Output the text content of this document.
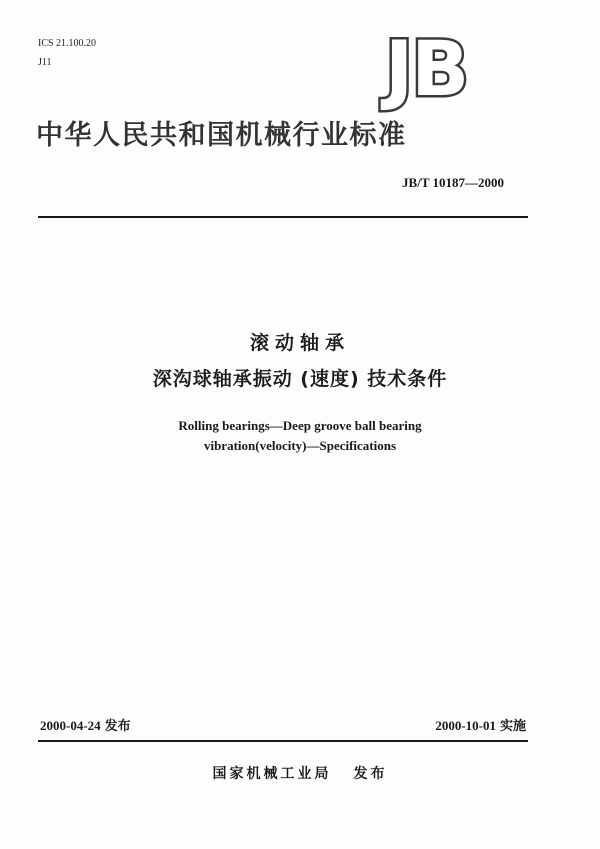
ICS 21.100.20
J11	JB
中华人民共和国机械行业标准
JB/T 10187—2000
滚动轴承
深沟球轴承振动 (速度) 技术条件
Rolling bearings—Deep groove ball bearing
vibration(velocity)—Specifications
2000-04-24 发布	2000-10-01 实施
国家机械工业局 发布
